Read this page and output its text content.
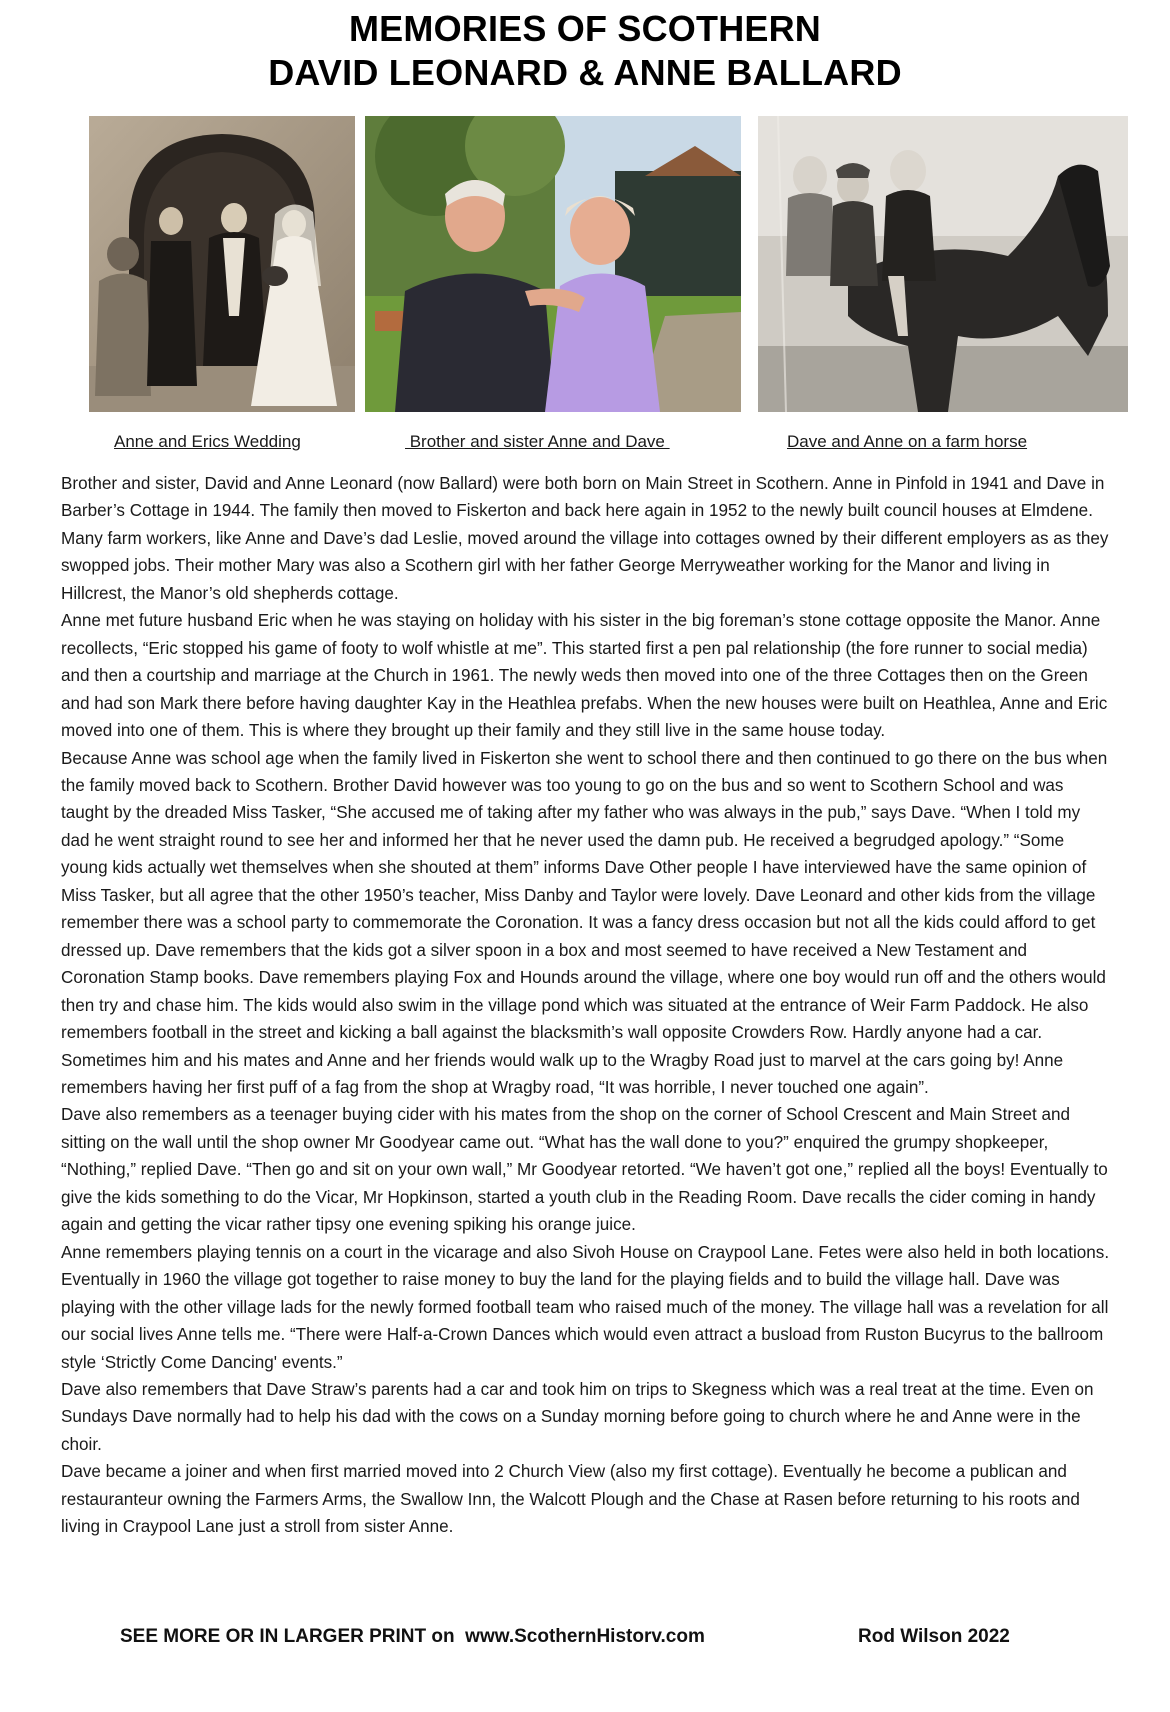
MEMORIES OF SCOTHERN
DAVID LEONARD & ANNE BALLARD
Anne and Erics Wedding	Brother and sister Anne and Dave	Dave and Anne on a farm horse

Brother and sister, David and Anne Leonard (now Ballard) were both born on Main Street in Scothern. Anne in Pinfold in 1941 and Dave in Barber’s Cottage in 1944. The family then moved to Fiskerton and back here again in 1952 to the newly built council houses at Elmdene. Many farm workers, like Anne and Dave’s dad Leslie, moved around the village into cottages owned by their different employers as as they swopped jobs. Their mother Mary was also a Scothern girl with her father George Merryweather working for the Manor and living in Hillcrest, the Manor’s old shepherds cottage.

Anne met future husband Eric when he was staying on holiday with his sister in the big foreman’s stone cottage opposite the Manor. Anne recollects, “Eric stopped his game of footy to wolf whistle at me”. This started first a pen pal relationship (the fore runner to social media) and then a courtship and marriage at the Church in 1961. The newly weds then moved into one of the three Cottages then on the Green and had son Mark there before having daughter Kay in the Heathlea prefabs. When the new houses were built on Heathlea, Anne and Eric moved into one of them. This is where they brought up their family and they still live in the same house today.

Because Anne was school age when the family lived in Fiskerton she went to school there and then continued to go there on the bus when the family moved back to Scothern. Brother David however was too young to go on the bus and so went to Scothern School and was taught by the dreaded Miss Tasker, “She accused me of taking after my father who was always in the pub,” says Dave. “When I told my dad he went straight round to see her and informed her that he never used the damn pub. He received a begrudged apology.” “Some young kids actually wet themselves when she shouted at them” informs Dave Other people I have interviewed have the same opinion of Miss Tasker, but all agree that the other 1950’s teacher, Miss Danby and Taylor were lovely. Dave Leonard and other kids from the village remember there was a school party to commemorate the Coronation. It was a fancy dress occasion but not all the kids could afford to get dressed up. Dave remembers that the kids got a silver spoon in a box and most seemed to have received a New Testament and Coronation Stamp books. Dave remembers playing Fox and Hounds around the village, where one boy would run off and the others would then try and chase him. The kids would also swim in the village pond which was situated at the entrance of Weir Farm Paddock. He also remembers football in the street and kicking a ball against the blacksmith’s wall opposite Crowders Row. Hardly anyone had a car. Sometimes him and his mates and Anne and her friends would walk up to the Wragby Road just to marvel at the cars going by! Anne remembers having her first puff of a fag from the shop at Wragby road, “It was horrible, I never touched one again”.

Dave also remembers as a teenager buying cider with his mates from the shop on the corner of School Crescent and Main Street and sitting on the wall until the shop owner Mr Goodyear came out. “What has the wall done to you?” enquired the grumpy shopkeeper, “Nothing,” replied Dave. “Then go and sit on your own wall,” Mr Goodyear retorted. “We haven’t got one,” replied all the boys! Eventually to give the kids something to do the Vicar, Mr Hopkinson, started a youth club in the Reading Room. Dave recalls the cider coming in handy again and getting the vicar rather tipsy one evening spiking his orange juice.

Anne remembers playing tennis on a court in the vicarage and also Sivoh House on Craypool Lane. Fetes were also held in both locations. Eventually in 1960 the village got together to raise money to buy the land for the playing fields and to build the village hall. Dave was playing with the other village lads for the newly formed football team who raised much of the money. The village hall was a revelation for all our social lives Anne tells me. “There were Half-a-Crown Dances which would even attract a busload from Ruston Bucyrus to the ballroom style ‘Strictly Come Dancing' events.”

Dave also remembers that Dave Straw’s parents had a car and took him on trips to Skegness which was a real treat at the time. Even on Sundays Dave normally had to help his dad with the cows on a Sunday morning before going to church where he and Anne were in the choir.

Dave became a joiner and when first married moved into 2 Church View (also my first cottage). Eventually he become a publican and restauranteur owning the Farmers Arms, the Swallow Inn, the Walcott Plough and the Chase at Rasen before returning to his roots and living in Craypool Lane just a stroll from sister Anne.

SEE MORE OR IN LARGER PRINT on  www.ScothernHistorv.com	Rod Wilson 2022
